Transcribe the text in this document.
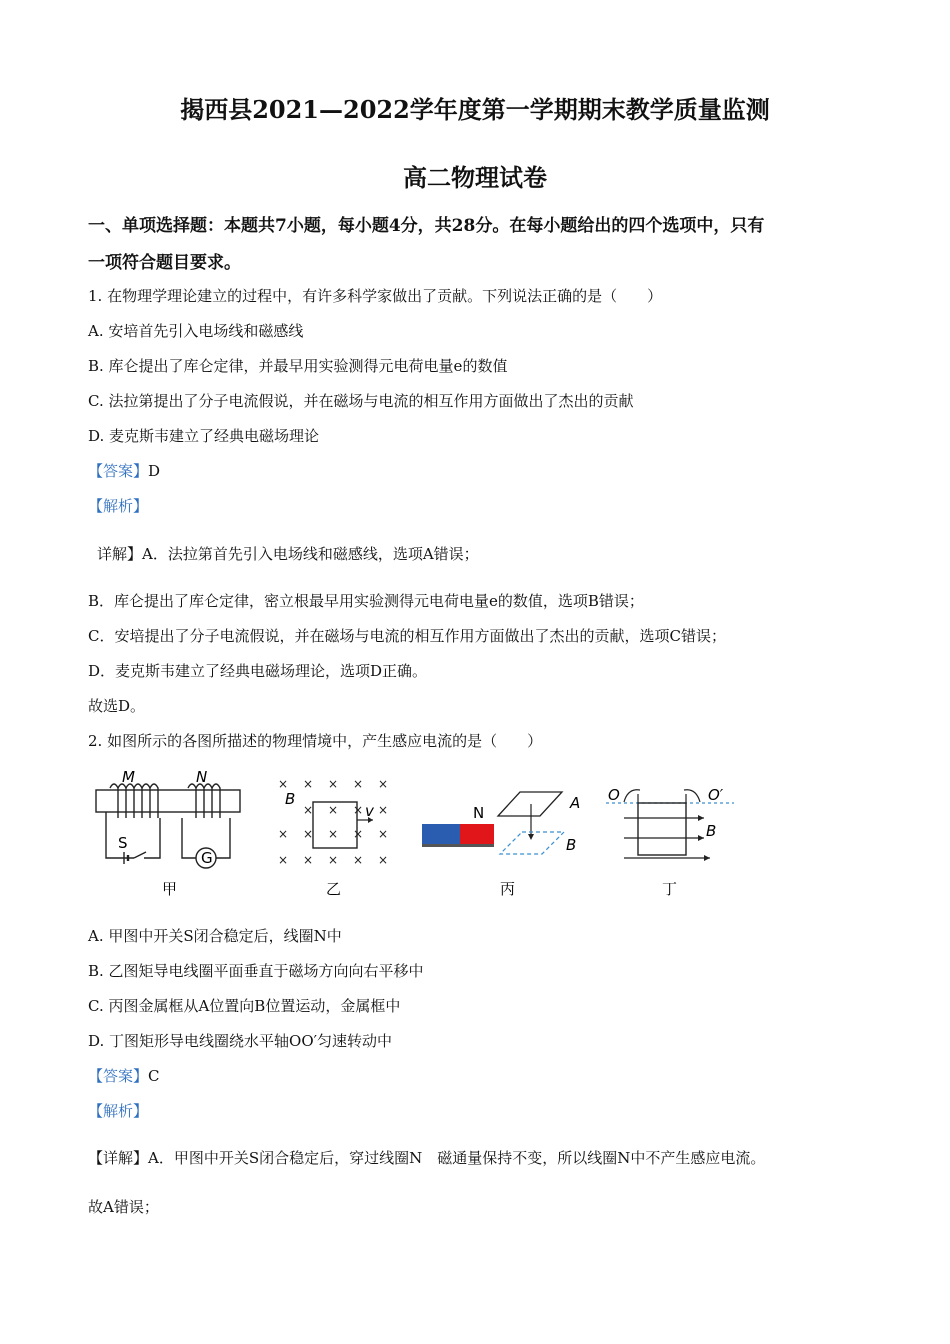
揭西县2021—2022学年度第一学期期末教学质量监测
高二物理试卷
一、单项选择题：本题共7小题，每小题4分，共28分。在每小题给出的四个选项中，只有
一项符合题目要求。
1. 在物理学理论建立的过程中，有许多科学家做出了贡献。下列说法正确的是（　　）
A. 安培首先引入电场线和磁感线
B. 库仑提出了库仑定律，并最早用实验测得元电荷电量e的数值
C. 法拉第提出了分子电流假说，并在磁场与电流的相互作用方面做出了杰出的贡献
D. 麦克斯韦建立了经典电磁场理论
【答案】D
【解析】
详解】A．法拉第首先引入电场线和磁感线，选项A错误；
B．库仑提出了库仑定律，密立根最早用实验测得元电荷电量e的数值，选项B错误；
C．安培提出了分子电流假说，并在磁场与电流的相互作用方面做出了杰出的贡献，选项C错误；
D．麦克斯韦建立了经典电磁场理论，选项D正确。
故选D。
2. 如图所示的各图所描述的物理情境中，产生感应电流的是（　　）
M	N
S
G
甲
× × × × ×
× × × ×
× × × × ×
× × × × ×
B
v
乙
N
A
B
丙
O	O′
B
丁
A. 甲图中开关S闭合稳定后，线圈N中
B. 乙图矩导电线圈平面垂直于磁场方向向右平移中
C. 丙图金属框从A位置向B位置运动，金属框中
D. 丁图矩形导电线圈绕水平轴OO′匀速转动中
【答案】C
【解析】
【详解】A．甲图中开关S闭合稳定后，穿过线圈N　磁通量保持不变，所以线圈N中不产生感应电流。
故A错误；
